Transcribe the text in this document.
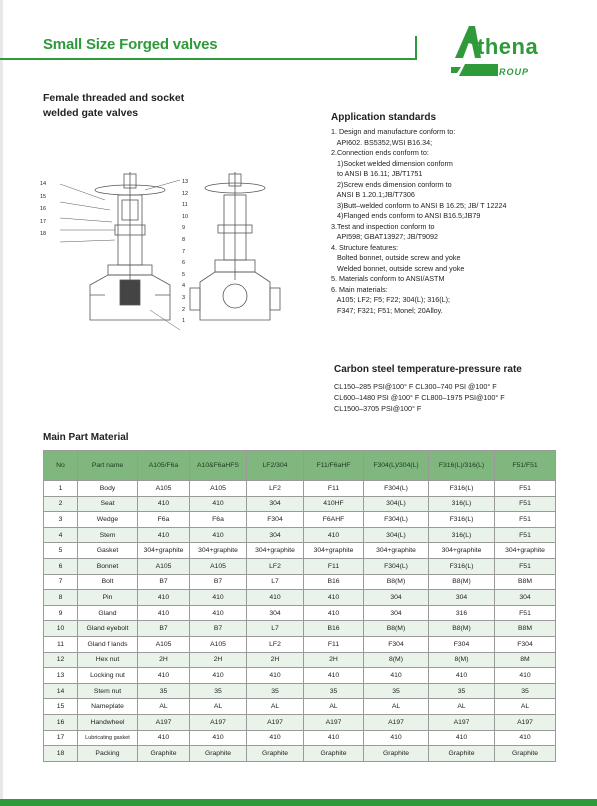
Small Size Forged valves	thena
ROUP
Female threaded and socket
welded gate valves
14
15
16
17
18
13
12
11
10
9
8
7
6
5
4
3
2
1
Application standards
1. Design and manufacture conform to:
API602. BS5352,WSI B16.34;
2.Connection ends conform to:
1)Socket welded dimension conform
to ANSI B 16.11; JB/T1751
2)Screw ends dimension conform to
ANSI B 1.20.1;JB/T7306
3)Butt–welded conform to ANSI B 16.25; JB/ T 12224
4)Flanged ends conform to ANSI B16.5;JB79
3.Test and inspection conform to
API598; GBAT13927; JB/T9092
4. Structure features:
Bolted bonnet, outside screw and yoke
Welded bonnet, outside screw and yoke
5. Materials conform to ANSI/ASTM
6. Main materials:
A105; LF2; F5; F22; 304(L); 316(L);
F347; F321; F51; Monel; 20Alloy.
Carbon steel temperature-pressure rate
CL150–285 PSI@100° F CL300–740 PSI @100° F
CL600–1480 PSI @100° F CL800–1975 PSI@100° F
CL1500–3705 PSI@100° F
Main Part Material
No	Part name	A105/F6a	A10&F6aHFS	LF2/304	F11/F6aHF	F304(L)/304(L)	F316(L)/316(L)	F51/F51
1	Body	A105	A105	LF2	F11	F304(L)	F316(L)	F51
2	Seat	410	410	304	410HF	304(L)	316(L)	F51
3	Wedge	F6a	F6a	F304	F6AHF	F304(L)	F316(L)	F51
4	Stem	410	410	304	410	304(L)	316(L)	F51
5	Gasket	304+graphite	304+graphite	304+graphite	304+graphite	304+graphite	304+graphite	304+graphite
6	Bonnet	A105	A105	LF2	F11	F304(L)	F316(L)	F51
7	Bolt	B7	B7	L7	B16	B8(M)	B8(M)	B8M
8	Pin	410	410	410	410	304	304	304
9	Gland	410	410	304	410	304	316	F51
10	Gland eyebolt	B7	B7	L7	B16	B8(M)	B8(M)	B8M
11	Gland f lands	A105	A105	LF2	F11	F304	F304	F304
12	Hex nut	2H	2H	2H	2H	8(M)	8(M)	8M
13	Locking nut	410	410	410	410	410	410	410
14	Stem nut	35	35	35	35	35	35	35
15	Nameplate	AL	AL	AL	AL	AL	AL	AL
16	Handwheel	A197	A197	A197	A197	A197	A197	A197
17	Lubricating gasket	410	410	410	410	410	410	410
18	Packing	Graphite	Graphite	Graphite	Graphite	Graphite	Graphite	Graphite
